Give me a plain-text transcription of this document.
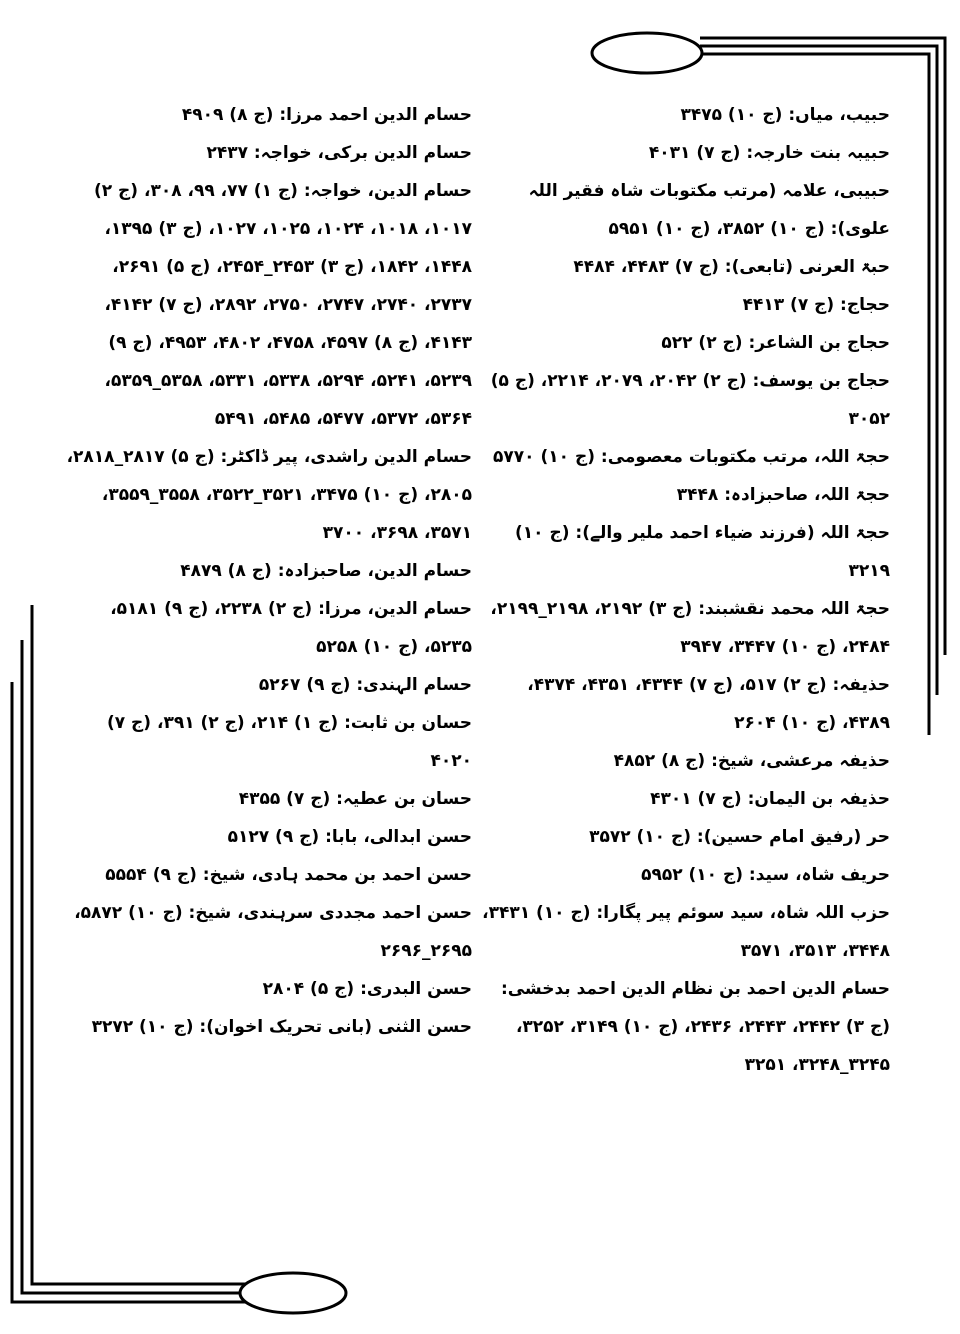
حبیب، میاں: (ج ۱۰) ۳۴۷۵
حبیبہ بنت خارجہ: (ج ۷) ۴۰۳۱
حبیبی، علامہ (مرتب مکتوبات شاہ فقیر اللہ علوی): (ج ۱۰) ۳۸۵۲، (ج ۱۰) ۵۹۵۱
حبۃ العرنی (تابعی): (ج ۷) ۴۴۸۳، ۴۴۸۴
حجاج: (ج ۷) ۴۴۱۳
حجاج بن الشاعر: (ج ۲) ۵۲۲
حجاج بن یوسف: (ج ۲) ۲۰۴۲، ۲۰۷۹، ۲۲۱۴، (ج ۵) ۳۰۵۲
حجۃ اللہ، مرتب مکتوبات معصومی: (ج ۱۰) ۵۷۷۰
حجۃ اللہ، صاحبزادہ: ۳۴۴۸
حجۃ اللہ (فرزند ضیاء احمد ملیر والے): (ج ۱۰) ۳۲۱۹
حجۃ اللہ محمد نقشبند: (ج ۳) ۲۱۹۲، ۲۱۹۸_۲۱۹۹، ۲۴۸۴، (ج ۱۰) ۳۴۴۷، ۳۹۴۷
حذیفہ: (ج ۲) ۵۱۷، (ج ۷) ۴۳۴۴، ۴۳۵۱، ۴۳۷۴، ۴۳۸۹، (ج ۱۰) ۲۶۰۴
حذیفہ مرعشی، شیخ: (ج ۸) ۴۸۵۲
حذیفہ بن الیمان: (ج ۷) ۴۳۰۱
حر (رفیق امام حسین): (ج ۱۰) ۳۵۷۲
حریف شاہ، سید: (ج ۱۰) ۵۹۵۲
حزب اللہ شاہ، سید سوئم پیر پگارا: (ج ۱۰) ۳۴۳۱، ۳۴۴۸، ۳۵۱۳، ۳۵۷۱
حسام الدین احمد بن نظام الدین احمد بدخشی: (ج ۳) ۲۴۴۲، ۲۴۴۳، ۲۴۳۶، (ج ۱۰) ۳۱۴۹، ۳۲۵۲، ۳۲۴۵_۳۲۴۸، ۳۲۵۱
حسام الدین احمد مرزا: (ج ۸) ۴۹۰۹
حسام الدین برکی، خواجہ: ۲۴۳۷
حسام الدین، خواجہ: (ج ۱) ۷۷، ۹۹، ۳۰۸، (ج ۲) ۱۰۱۷، ۱۰۱۸، ۱۰۲۴، ۱۰۲۵، ۱۰۲۷، (ج ۳) ۱۳۹۵، ۱۴۴۸، ۱۸۴۲، (ج ۳) ۲۴۵۳_۲۴۵۴، (ج ۵) ۲۶۹۱، ۲۷۳۷، ۲۷۴۰، ۲۷۴۷، ۲۷۵۰، ۲۸۹۲، (ج ۷) ۴۱۴۲، ۴۱۴۳، (ج ۸) ۴۵۹۷، ۴۷۵۸، ۴۸۰۲، ۴۹۵۳، (ج ۹) ۵۲۳۹، ۵۲۴۱، ۵۲۹۴، ۵۳۳۸، ۵۳۳۱، ۵۳۵۸_۵۳۵۹، ۵۳۶۴، ۵۳۷۲، ۵۴۷۷، ۵۴۸۵، ۵۴۹۱
حسام الدین راشدی، پیر ڈاکٹر: (ج ۵) ۲۸۱۷_۲۸۱۸، ۲۸۰۵، (ج ۱۰) ۳۴۷۵، ۳۵۲۱_۳۵۲۲، ۳۵۵۸_۳۵۵۹، ۳۵۷۱، ۳۶۹۸، ۳۷۰۰
حسام الدین، صاحبزادہ: (ج ۸) ۴۸۷۹
حسام الدین، مرزا: (ج ۲) ۲۲۳۸، (ج ۹) ۵۱۸۱، ۵۲۳۵، (ج ۱۰) ۵۲۵۸
حسام الہندی: (ج ۹) ۵۲۶۷
حسان بن ثابت: (ج ۱) ۲۱۴، (ج ۲) ۳۹۱، (ج ۷) ۴۰۲۰
حسان بن عطیہ: (ج ۷) ۴۳۵۵
حسن ابدالی، بابا: (ج ۹) ۵۱۲۷
حسن احمد بن محمد ہادی، شیخ: (ج ۹) ۵۵۵۴
حسن احمد مجددی سرہندی، شیخ: (ج ۱۰) ۵۸۷۲، ۲۶۹۵_۲۶۹۶
حسن البدری: (ج ۵) ۲۸۰۴
حسن الثنی (بانی تحریک اخوان): (ج ۱۰) ۳۲۷۲
